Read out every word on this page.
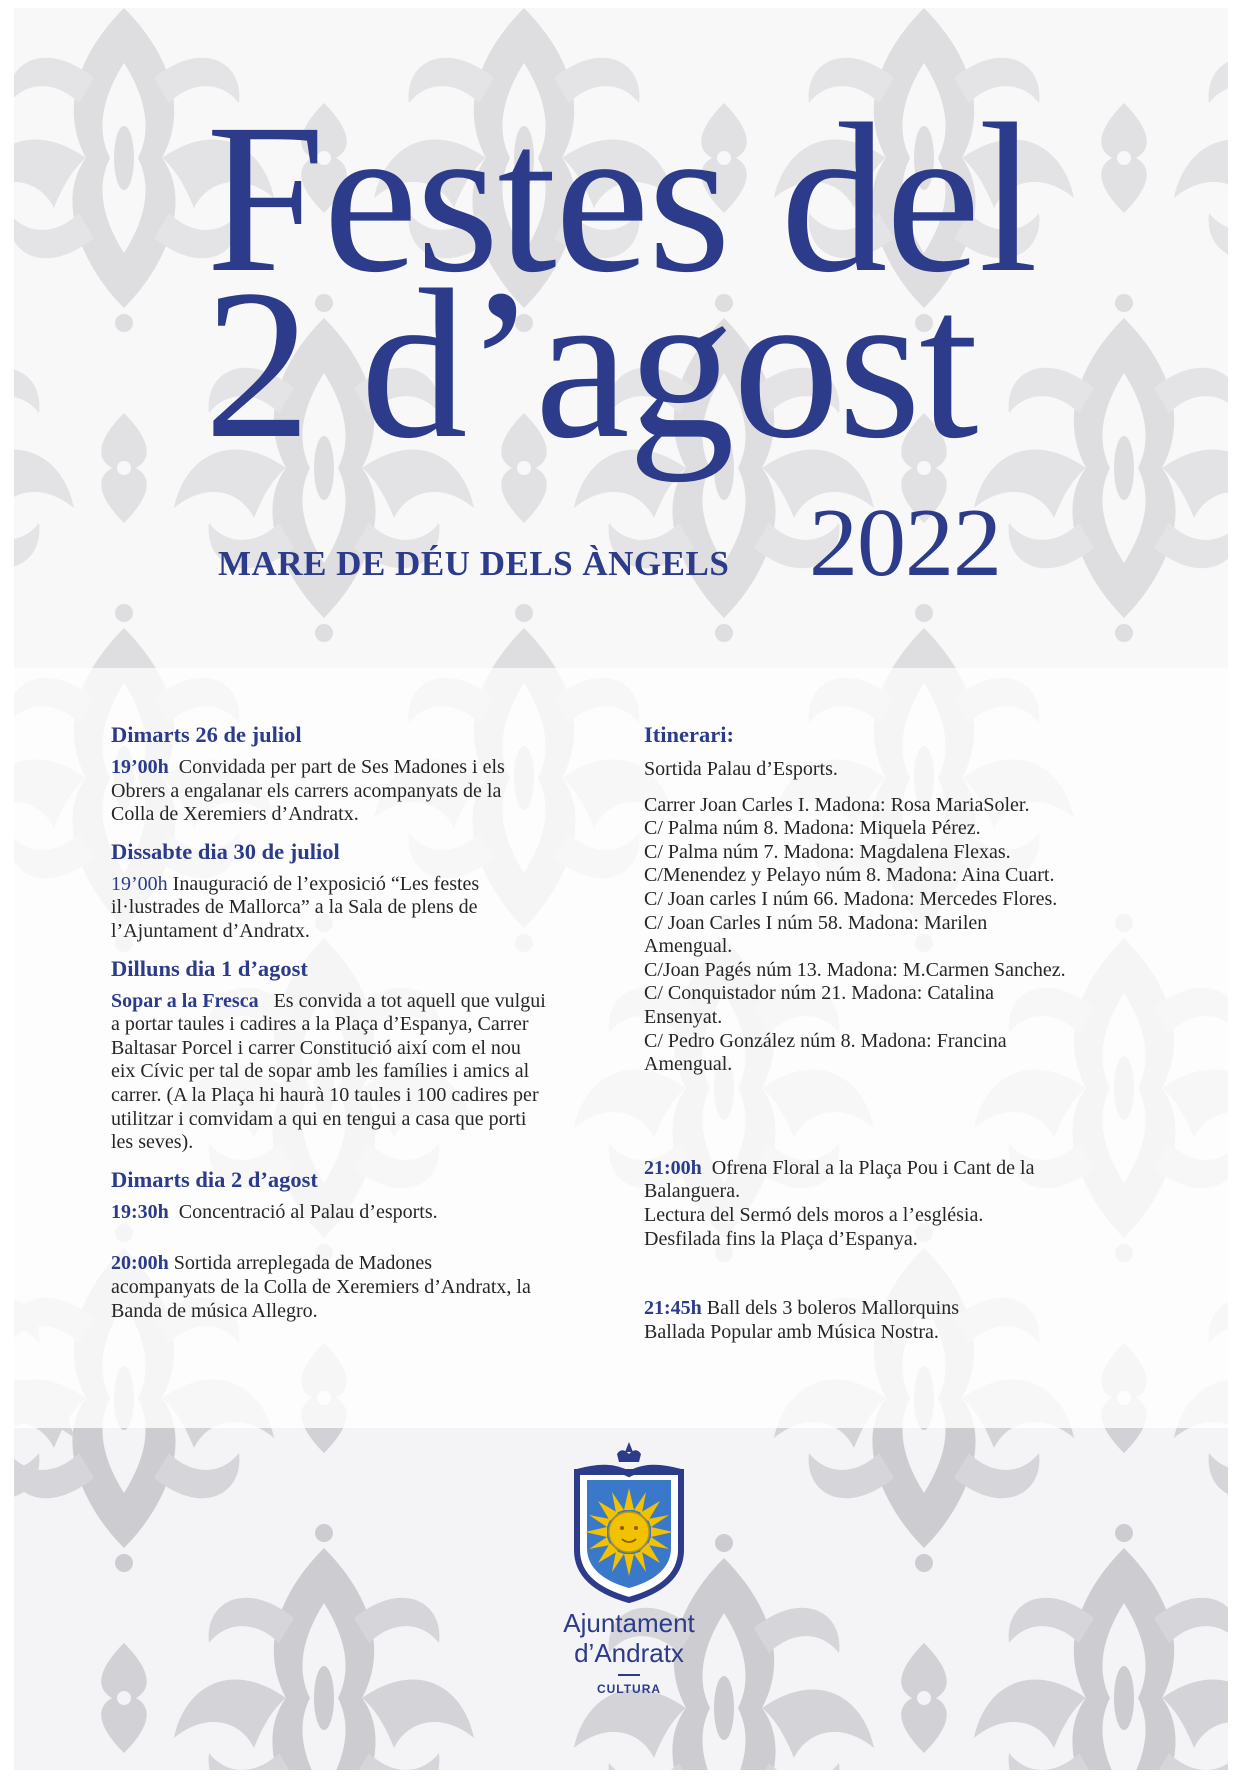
Festes del
2 d’agost
MARE DE DÉU DELS ÀNGELS 2022
Dimarts 26 de juliol
19’00h Convidada per part de Ses Madones i els
Obrers a engalanar els carrers acompanyats de la
Colla de Xeremiers d’Andratx.
Dissabte dia 30 de juliol
19’00h Inauguració de l’exposició “Les festes
il·lustrades de Mallorca” a la Sala de plens de
l’Ajuntament d’Andratx.
Dilluns dia 1 d’agost
Sopar a la Fresca Es convida a tot aquell que vulgui
a portar taules i cadires a la Plaça d’Espanya, Carrer
Baltasar Porcel i carrer Constitució així com el nou
eix Cívic per tal de sopar amb les famílies i amics al
carrer. (A la Plaça hi haurà 10 taules i 100 cadires per
utilitzar i comvidam a qui en tengui a casa que porti
les seves).
Dimarts dia 2 d’agost
19:30h Concentració al Palau d’esports.
20:00h Sortida arreplegada de Madones
acompanyats de la Colla de Xeremiers d’Andratx, la
Banda de música Allegro.
Itinerari:
Sortida Palau d’Esports.
Carrer Joan Carles I. Madona: Rosa MariaSoler.
C/ Palma núm 8. Madona: Miquela Pérez.
C/ Palma núm 7. Madona: Magdalena Flexas.
C/Menendez y Pelayo núm 8. Madona: Aina Cuart.
C/ Joan carles I núm 66. Madona: Mercedes Flores.
C/ Joan Carles I núm 58. Madona: Marilen
Amengual.
C/Joan Pagés núm 13. Madona: M.Carmen Sanchez.
C/ Conquistador núm 21. Madona: Catalina
Ensenyat.
C/ Pedro González núm 8. Madona: Francina
Amengual.
21:00h Ofrena Floral a la Plaça Pou i Cant de la
Balanguera.
Lectura del Sermó dels moros a l’església.
Desfilada fins la Plaça d’Espanya.
21:45h Ball dels 3 boleros Mallorquins
Ballada Popular amb Música Nostra.
Ajuntament
d’Andratx
CULTURA
